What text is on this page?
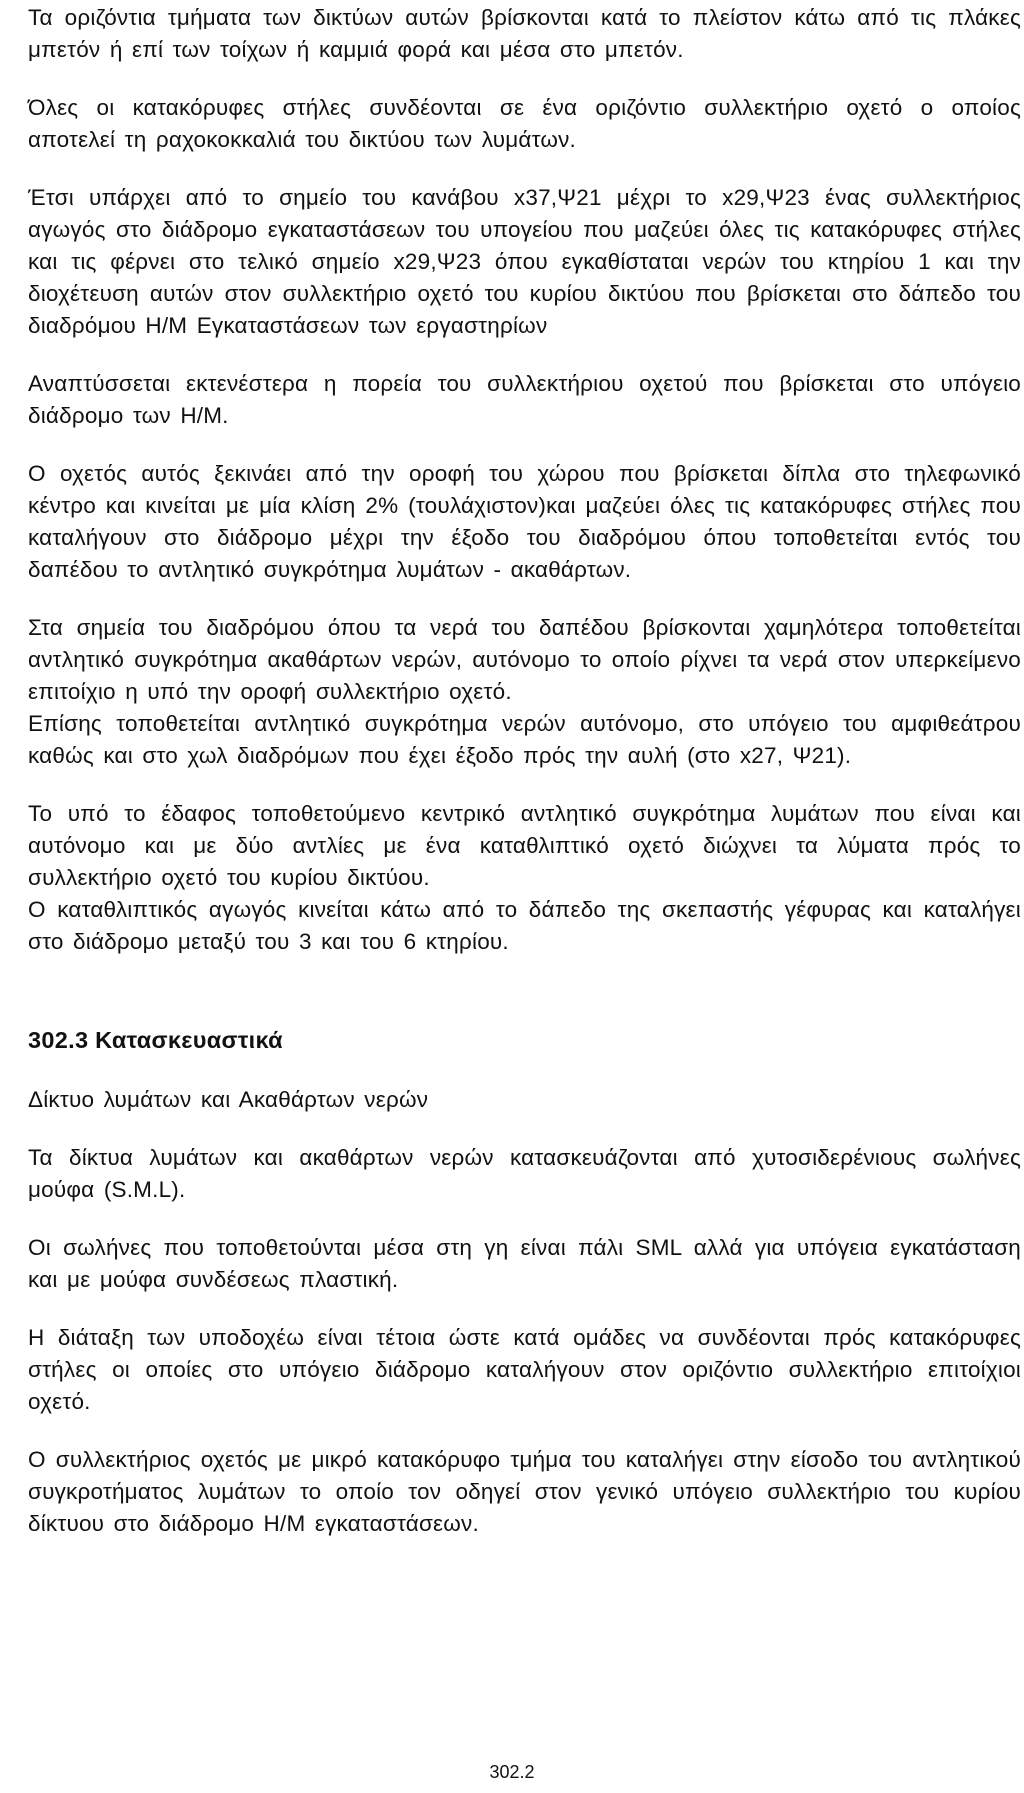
Τα οριζόντια τμήματα των δικτύων αυτών βρίσκονται κατά το πλείστον κάτω από τις πλάκες μπετόν ή επί των τοίχων ή καμμιά φορά και μέσα στο μπετόν.

Όλες οι κατακόρυφες στήλες συνδέονται σε ένα οριζόντιο συλλεκτήριο οχετό ο οποίος αποτελεί τη ραχοκοκκαλιά του δικτύου των λυμάτων.

Έτσι υπάρχει από το σημείο του κανάβου x37,Ψ21 μέχρι το x29,Ψ23 ένας συλλεκτήριος αγωγός στο διάδρομο εγκαταστάσεων του υπογείου που μαζεύει όλες τις κατακόρυφες στήλες και τις φέρνει στο τελικό σημείο x29,Ψ23 όπου εγκαθίσταται νερών του κτηρίου 1 και την διοχέτευση αυτών στον συλλεκτήριο οχετό του κυρίου δικτύου που βρίσκεται στο δάπεδο του διαδρόμου Η/Μ Εγκαταστάσεων των εργαστηρίων

Αναπτύσσεται εκτενέστερα η πορεία του συλλεκτήριου οχετού που βρίσκεται στο υπόγειο διάδρομο των Η/Μ.

Ο οχετός αυτός ξεκινάει από την οροφή του χώρου που βρίσκεται δίπλα στο τηλεφωνικό κέντρο και κινείται με μία κλίση 2% (τουλάχιστον)και μαζεύει όλες τις κατακόρυφες στήλες που καταλήγουν στο διάδρομο μέχρι την έξοδο του διαδρόμου όπου τοποθετείται εντός του δαπέδου το αντλητικό συγκρότημα λυμάτων - ακαθάρτων.

Στα σημεία του διαδρόμου όπου τα νερά του δαπέδου βρίσκονται χαμηλότερα τοποθετείται αντλητικό συγκρότημα ακαθάρτων νερών, αυτόνομο το οποίο ρίχνει τα νερά στον υπερκείμενο επιτοίχιο η υπό την οροφή συλλεκτήριο οχετό.

Επίσης τοποθετείται αντλητικό συγκρότημα νερών αυτόνομο, στο υπόγειο του αμφιθεάτρου καθώς και στο χωλ διαδρόμων που έχει έξοδο πρός την αυλή (στο x27, Ψ21).

Το υπό το έδαφος τοποθετούμενο κεντρικό αντλητικό συγκρότημα λυμάτων που είναι και αυτόνομο και με δύο αντλίες με ένα καταθλιπτικό οχετό διώχνει τα λύματα πρός το συλλεκτήριο οχετό του κυρίου δικτύου.

Ο καταθλιπτικός αγωγός κινείται κάτω από το δάπεδο της σκεπαστής γέφυρας και καταλήγει στο διάδρομο μεταξύ του 3 και του 6 κτηρίου.

302.3 Κατασκευαστικά

Δίκτυο λυμάτων και Ακαθάρτων νερών

Τα δίκτυα λυμάτων και ακαθάρτων νερών κατασκευάζονται από χυτοσιδερένιους σωλήνες μούφα (S.M.L).

Οι σωλήνες που τοποθετούνται μέσα στη γη είναι πάλι SML αλλά για υπόγεια εγκατάσταση και με μούφα συνδέσεως πλαστική.

Η διάταξη των υποδοχέω είναι τέτοια ώστε κατά ομάδες να συνδέονται πρός κατακόρυφες στήλες οι οποίες στο υπόγειο διάδρομο καταλήγουν στον οριζόντιο συλλεκτήριο επιτοίχιοι οχετό.

Ο συλλεκτήριος οχετός με μικρό κατακόρυφο τμήμα του καταλήγει στην είσοδο του αντλητικού συγκροτήματος λυμάτων το οποίο τον οδηγεί στον γενικό υπόγειο συλλεκτήριο του κυρίου δίκτυου στο διάδρομο Η/Μ εγκαταστάσεων.

302.2
